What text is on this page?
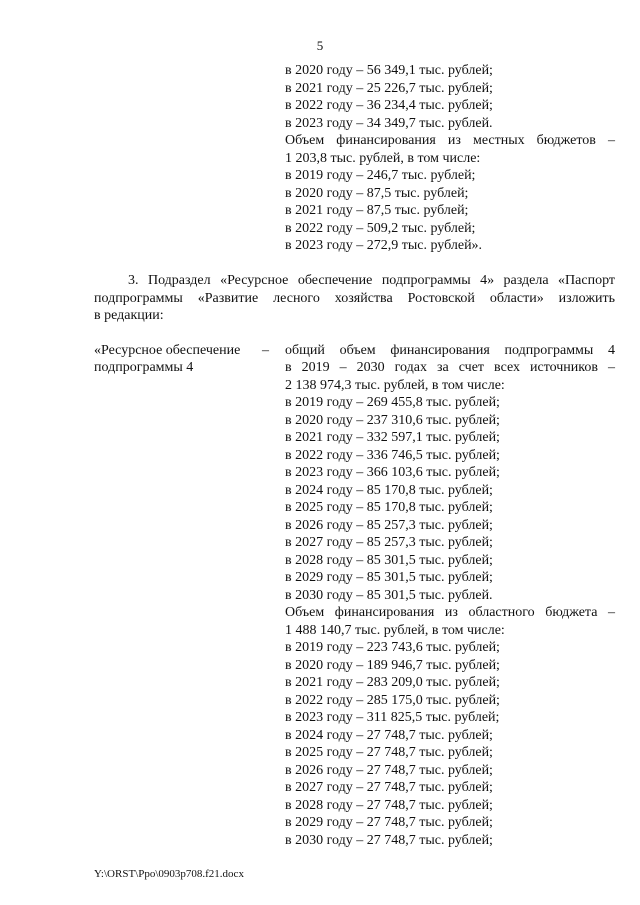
5
в 2020 году – 56 349,1 тыс. рублей;
в 2021 году – 25 226,7 тыс. рублей;
в 2022 году – 36 234,4 тыс. рублей;
в 2023 году – 34 349,7 тыс. рублей.
Объем финансирования из местных бюджетов –
1 203,8 тыс. рублей, в том числе:
в 2019 году – 246,7 тыс. рублей;
в 2020 году – 87,5 тыс. рублей;
в 2021 году – 87,5 тыс. рублей;
в 2022 году – 509,2 тыс. рублей;
в 2023 году – 272,9 тыс. рублей».
3. Подраздел «Ресурсное обеспечение подпрограммы 4» раздела «Паспорт
подпрограммы «Развитие лесного хозяйства Ростовской области» изложить
в редакции:
«Ресурсное обеспечение
подпрограммы 4
– общий объем финансирования подпрограммы 4
в 2019 – 2030 годах за счет всех источников –
2 138 974,3 тыс. рублей, в том числе:
в 2019 году – 269 455,8 тыс. рублей;
в 2020 году – 237 310,6 тыс. рублей;
в 2021 году – 332 597,1 тыс. рублей;
в 2022 году – 336 746,5 тыс. рублей;
в 2023 году – 366 103,6 тыс. рублей;
в 2024 году – 85 170,8 тыс. рублей;
в 2025 году – 85 170,8 тыс. рублей;
в 2026 году – 85 257,3 тыс. рублей;
в 2027 году – 85 257,3 тыс. рублей;
в 2028 году – 85 301,5 тыс. рублей;
в 2029 году – 85 301,5 тыс. рублей;
в 2030 году – 85 301,5 тыс. рублей.
Объем финансирования из областного бюджета –
1 488 140,7 тыс. рублей, в том числе:
в 2019 году – 223 743,6 тыс. рублей;
в 2020 году – 189 946,7 тыс. рублей;
в 2021 году – 283 209,0 тыс. рублей;
в 2022 году – 285 175,0 тыс. рублей;
в 2023 году – 311 825,5 тыс. рублей;
в 2024 году – 27 748,7 тыс. рублей;
в 2025 году – 27 748,7 тыс. рублей;
в 2026 году – 27 748,7 тыс. рублей;
в 2027 году – 27 748,7 тыс. рублей;
в 2028 году – 27 748,7 тыс. рублей;
в 2029 году – 27 748,7 тыс. рублей;
в 2030 году – 27 748,7 тыс. рублей;
Y:\ORST\Ppo\0903p708.f21.docx
